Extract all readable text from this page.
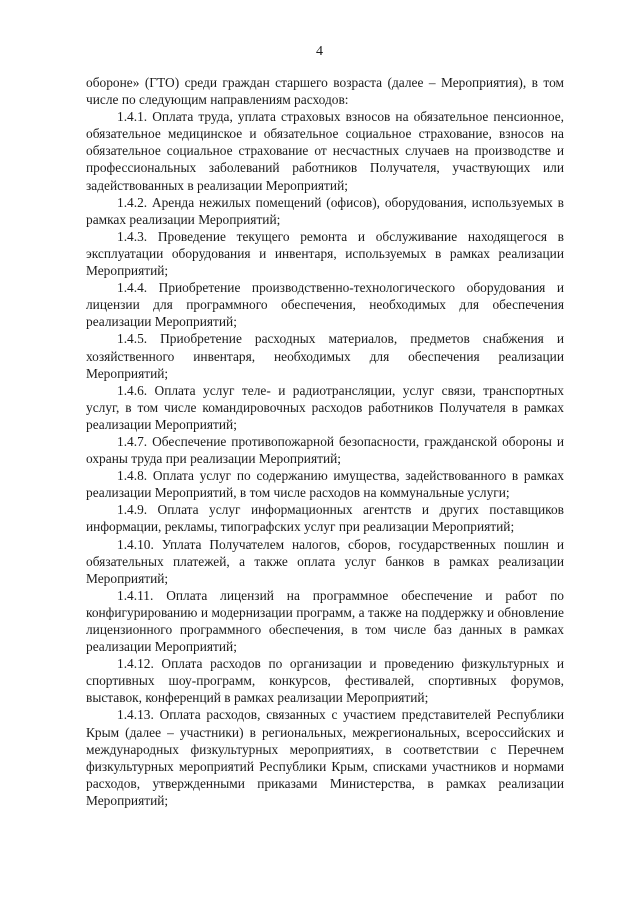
4

обороне» (ГТО) среди граждан старшего возраста (далее – Мероприятия), в том числе по следующим направлениям расходов:

1.4.1. Оплата труда, уплата страховых взносов на обязательное пенсионное, обязательное медицинское и обязательное социальное страхование, взносов на обязательное социальное страхование от несчастных случаев на производстве и профессиональных заболеваний работников Получателя, участвующих или задействованных в реализации Мероприятий;

1.4.2. Аренда нежилых помещений (офисов), оборудования, используемых в рамках реализации Мероприятий;

1.4.3. Проведение текущего ремонта и обслуживание находящегося в эксплуатации оборудования и инвентаря, используемых в рамках реализации Мероприятий;

1.4.4. Приобретение производственно-технологического оборудования и лицензии для программного обеспечения, необходимых для обеспечения реализации Мероприятий;

1.4.5. Приобретение расходных материалов, предметов снабжения и хозяйственного инвентаря, необходимых для обеспечения реализации Мероприятий;

1.4.6. Оплата услуг теле- и радиотрансляции, услуг связи, транспортных услуг, в том числе командировочных расходов работников Получателя в рамках реализации Мероприятий;

1.4.7. Обеспечение противопожарной безопасности, гражданской обороны и охраны труда при реализации Мероприятий;

1.4.8. Оплата услуг по содержанию имущества, задействованного в рамках реализации Мероприятий, в том числе расходов на коммунальные услуги;

1.4.9. Оплата услуг информационных агентств и других поставщиков информации, рекламы, типографских услуг при реализации Мероприятий;

1.4.10. Уплата Получателем налогов, сборов, государственных пошлин и обязательных платежей, а также оплата услуг банков в рамках реализации Мероприятий;

1.4.11. Оплата лицензий на программное обеспечение и работ по конфигурированию и модернизации программ, а также на поддержку и обновление лицензионного программного обеспечения, в том числе баз данных в рамках реализации Мероприятий;

1.4.12. Оплата расходов по организации и проведению физкультурных и спортивных шоу-программ, конкурсов, фестивалей, спортивных форумов, выставок, конференций в рамках реализации Мероприятий;

1.4.13. Оплата расходов, связанных с участием представителей Республики Крым (далее – участники) в региональных, межрегиональных, всероссийских и международных физкультурных мероприятиях, в соответствии с Перечнем физкультурных мероприятий Республики Крым, списками участников и нормами расходов, утвержденными приказами Министерства, в рамках реализации Мероприятий;
